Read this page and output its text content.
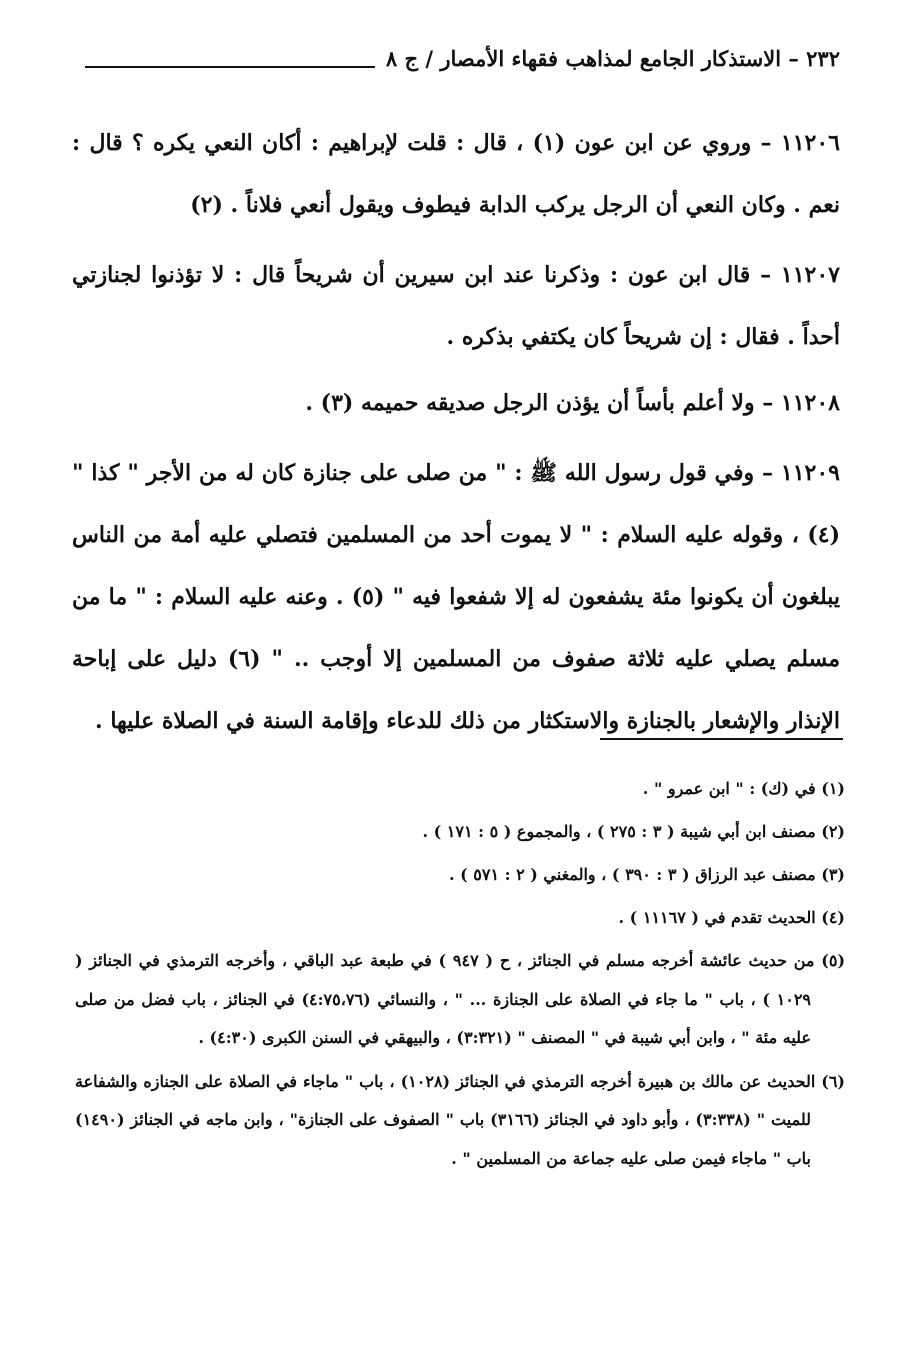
٢٣٢ – الاستذكار الجامع لمذاهب فقهاء الأمصار / ج ٨

١١٢٠٦ – وروي عن ابن عون (١) ، قال : قلت لإبراهيم : أكان النعي يكره ؟ قال : نعم . وكان النعي أن الرجل يركب الدابة فيطوف ويقول أنعي فلاناً . (٢)

١١٢٠٧ – قال ابن عون : وذكرنا عند ابن سيرين أن شريحاً قال : لا تؤذنوا لجنازتي أحداً . فقال : إن شريحاً كان يكتفي بذكره .

١١٢٠٨ – ولا أعلم بأساً أن يؤذن الرجل صديقه حميمه (٣) .

١١٢٠٩ – وفي قول رسول الله ﷺ : " من صلى على جنازة كان له من الأجر " كذا " (٤) ، وقوله عليه السلام : " لا يموت أحد من المسلمين فتصلي عليه أمة من الناس يبلغون أن يكونوا مئة يشفعون له إلا شفعوا فيه " (٥) . وعنه عليه السلام : " ما من مسلم يصلي عليه ثلاثة صفوف من المسلمين إلا أوجب .. " (٦) دليل على إباحة الإنذار والإشعار بالجنازة والاستكثار من ذلك للدعاء وإقامة السنة في الصلاة عليها .

(١) في (ك) : " ابن عمرو " .

(٢) مصنف ابن أبي شيبة ( ٣ : ٢٧٥ ) ، والمجموع ( ٥ : ١٧١ ) .

(٣) مصنف عبد الرزاق ( ٣ : ٣٩٠ ) ، والمغني ( ٢ : ٥٧١ ) .

(٤) الحديث تقدم في ( ١١١٦٧ ) .

(٥) من حديث عائشة أخرجه مسلم في الجنائز ، ح ( ٩٤٧ ) في طبعة عبد الباقي ، وأخرجه الترمذي في الجنائز ( ١٠٢٩ ) ، باب " ما جاء في الصلاة على الجنازة ... " ، والنسائي (٤:٧٥،٧٦) في الجنائز ، باب فضل من صلى عليه مئة " ، وابن أبي شيبة في " المصنف " (٣:٣٢١) ، والبيهقي في السنن الكبرى (٤:٣٠) .

(٦) الحديث عن مالك بن هبيرة أخرجه الترمذي في الجنائز (١٠٢٨) ، باب " ماجاء في الصلاة على الجنازه والشفاعة للميت " (٣:٣٣٨) ، وأبو داود في الجنائز (٣١٦٦) باب " الصفوف على الجنازة" ، وابن ماجه في الجنائز (١٤٩٠) باب " ماجاء فيمن صلى عليه جماعة من المسلمين " .
